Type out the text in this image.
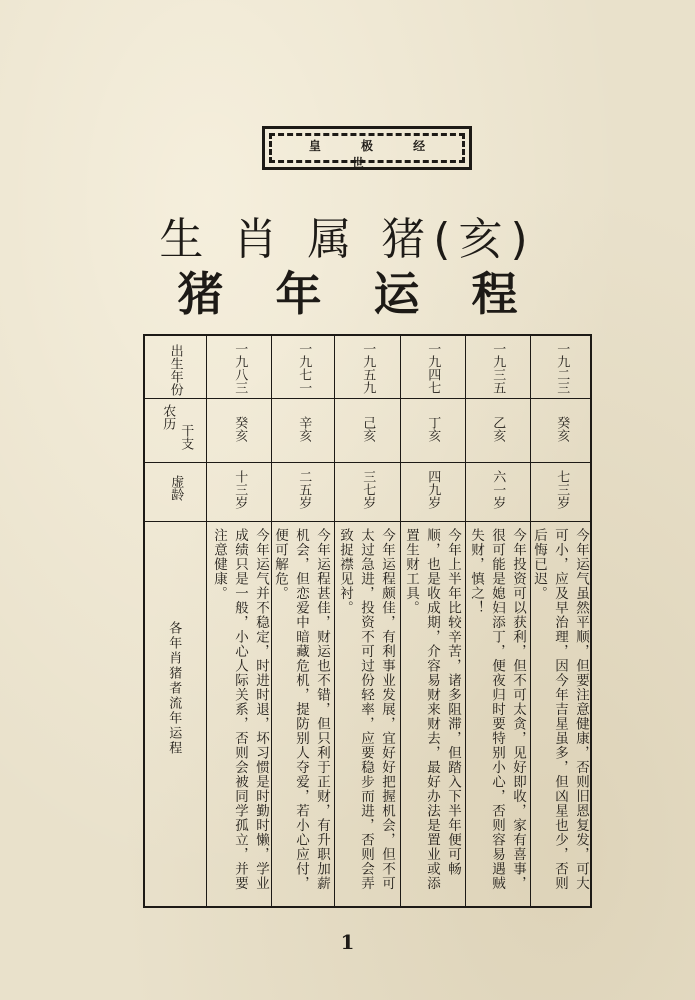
皇 极 经 世
生 肖 属 猪(亥)
猪 年 运 程
出生年份
农历
干支
虚龄
各年肖猪者流年运程
一九八三
癸亥
十三岁
今年运气并不稳定，时进时退，坏习惯是时勤时懒，学业成绩只是一般，小心人际关系，否则会被同学孤立，并要注意健康。
一九七一
辛亥
二五岁
今年运程甚佳，财运也不错，但只利于正财，有升职加薪机会，但恋爱中暗藏危机，提防别人夺爱，若小心应付，便可解危。
一九五九
己亥
三七岁
今年运程颇佳，有利事业发展，宜好好把握机会，但不可太过急进，投资不可过份轻率，应要稳步而进，否则会弄致捉襟见衬。
一九四七
丁亥
四九岁
今年上半年比较辛苦，诸多阻滞，但踏入下半年便可畅顺，也是收成期，介容易财来财去，最好办法是置业或添置生财工具。
一九三五
乙亥
六一岁
今年投资可以获利，但不可太贪，见好即收，家有喜事，很可能是媳妇添丁，便夜归时要特别小心，否则容易遇贼失财，慎之！
一九二三
癸亥
七三岁
今年运气虽然平顺，但要注意健康，否则旧恩复发，可大可小，应及早治理，因今年吉星虽多，但凶星也少，否则后悔已迟。
1
